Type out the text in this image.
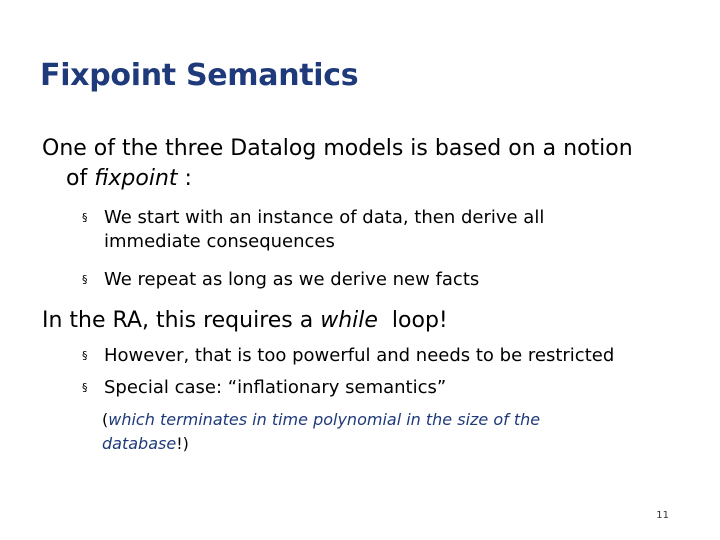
Fixpoint Semantics
One of the three Datalog models is based on a notion
of fixpoint :
§ We start with an instance of data, then derive all
immediate consequences
§ We repeat as long as we derive new facts
In the RA, this requires a while  loop!
§ However, that is too powerful and needs to be restricted
§ Special case: “inflationary semantics”
(which terminates in time polynomial in the size of the
database!)
11
